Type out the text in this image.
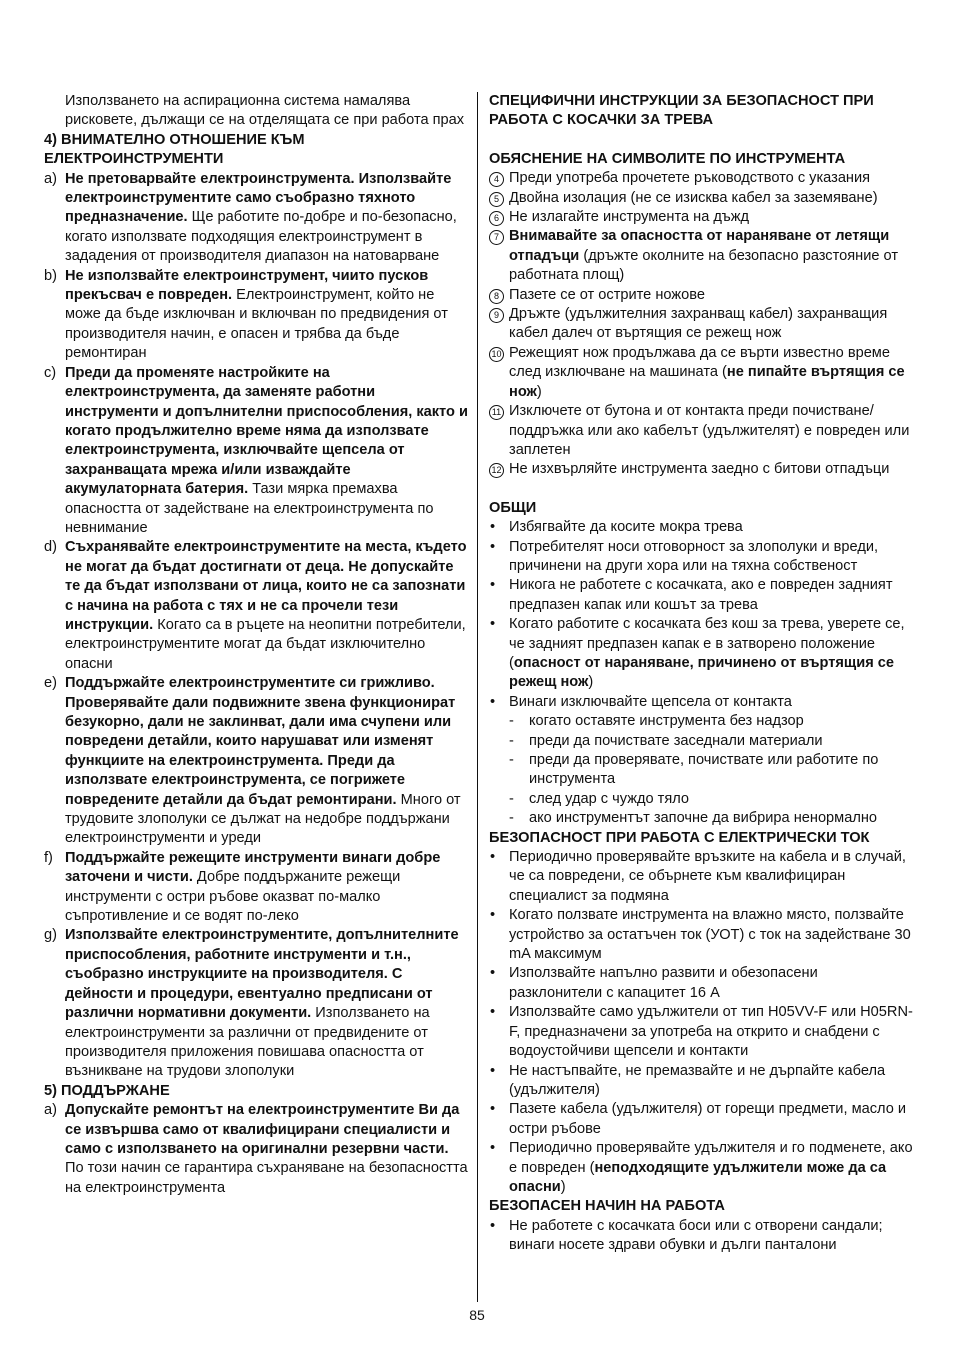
Използването на аспирационна система намалява рисковете, дължащи се на отделящата се при работа прах

4) ВНИМАТЕЛНО ОТНОШЕНИЕ КЪМ ЕЛЕКТРОИНСТРУМЕНТИ

a) Не претоварвайте електроинструмента. Използвайте електроинструментите само съобразно тяхното предназначение. Ще работите по-добре и по-безопасно, когато използвате подходящия електроинструмент в зададения от производителя диапазон на натоварване
b) Не използвайте електроинструмент, чиито пусков прекъсвач е повреден. Електроинструмент, който не може да бъде изключван и включван по предвидения от производителя начин, е опасен и трябва да бъде ремонтиран
c) Преди да променяте настройките на електроинструмента, да заменяте работни инструменти и допълнителни приспособления, както и когато продължително време няма да използвате електроинструмента, изключвайте щепсела от захранващата мрежа и/или изваждайте акумулаторната батерия. Тази мярка премахва опасността от задействане на електроинструмента по невнимание
d) Съхранявайте електроинструментите на места, където не могат да бъдат достигнати от деца. Не допускайте те да бъдат използвани от лица, които не са запознати с начина на работа с тях и не са прочели тези инструкции. Когато са в ръцете на неопитни потребители, електроинструментите могат да бъдат изключително опасни
e) Поддържайте електроинструментите си грижливо. Проверявайте дали подвижните звена функционират безукорно, дали не заклинват, дали има счупени или повредени детайли, които нарушават или изменят функциите на електроинструмента. Преди да използвате електроинструмента, се погрижете повредените детайли да бъдат ремонтирани. Много от трудовите злополуки се дължат на недобре поддържани електроинструменти и уреди
f) Поддържайте режещите инструменти винаги добре заточени и чисти. Добре поддържаните режещи инструменти с остри ръбове оказват по-малко съпротивление и се водят по-леко
g) Използвайте електроинструментите, допълнителните приспособления, работните инструменти и т.н., съобразно инструкциите на производителя. С дейности и процедури, евентуално предписани от различни нормативни документи. Използването на електроинструменти за различни от предвидените от производителя приложения повишава опасността от възникване на трудови злополуки

5) ПОДДЪРЖАНЕ

a) Допускайте ремонтът на електроинструментите Ви да се извършва само от квалифицирани специалисти и само с използването на оригинални резервни части. По този начин се гарантира съхраняване на безопасността на електроинструмента

СПЕЦИФИЧНИ ИНСТРУКЦИИ ЗА БЕЗОПАСНОСТ ПРИ РАБОТА С КОСАЧКИ ЗА ТРЕВА

ОБЯСНЕНИЕ НА СИМВОЛИТЕ ПО ИНСТРУМЕНТА

4 Преди употреба прочетете ръководството с указания
5 Двойна изолация (не се изисква кабел за заземяване)
6 Не излагайте инструмента на дъжд
7 Внимавайте за опасността от нараняване от летящи отпадъци (дръжте околните на безопасно разстояние от работната площ)
8 Пазете се от острите ножове
9 Дръжте (удължителния захранващ кабел) захранващия кабел далеч от въртящия се режещ нож
10 Режещият нож продължава да се върти известно време след изключване на машината (не пипайте въртящия се нож)
11 Изключете от бутона и от контакта преди почистване/поддръжка или ако кабелът (удължителят) е повреден или заплетен
12 Не изхвърляйте инструмента заедно с битови отпадъци

ОБЩИ

• Избягвайте да косите мокра трева
• Потребителят носи отговорност за злополуки и вреди, причинени на други хора или на тяхна собственост
• Никога не работете с косачката, ако е повреден задният предпазен капак или кошът за трева
• Когато работите с косачката без кош за трева, уверете се, че задният предпазен капак е в затворено положение (опасност от нараняване, причинено от въртящия се режещ нож)
• Винаги изключвайте щепсела от контакта
- когато оставяте инструмента без надзор
- преди да почиствате заседнали материали
- преди да проверявате, почиствате или работите по инструмента
- след удар с чуждо тяло
- ако инструментът започне да вибрира ненормално

БЕЗОПАСНОСТ ПРИ РАБОТА С ЕЛЕКТРИЧЕСКИ ТОК

• Периодично проверявайте връзките на кабела и в случай, че са повредени, се обърнете към квалифициран специалист за подмяна
• Когато ползвате инструмента на влажно място, ползвайте устройство за остатъчен ток (УОТ) с ток на задействане 30 mA максимум
• Използвайте напълно развити и обезопасени разклонители с капацитет 16 А
• Използвайте само удължители от тип H05VV-F или H05RN-F, предназначени за употреба на открито и снабдени с водоустойчиви щепсели и контакти
• Не настъпвайте, не премазвайте и не дърпайте кабела (удължителя)
• Пазете кабела (удължителя) от горещи предмети, масло и остри ръбове
• Периодично проверявайте удължителя и го подменете, ако е повреден (неподходящите удължители може да са опасни)

БЕЗОПАСЕН НАЧИН НА РАБОТА

• Не работете с косачката боси или с отворени сандали; винаги носете здрави обувки и дълги панталони
85
